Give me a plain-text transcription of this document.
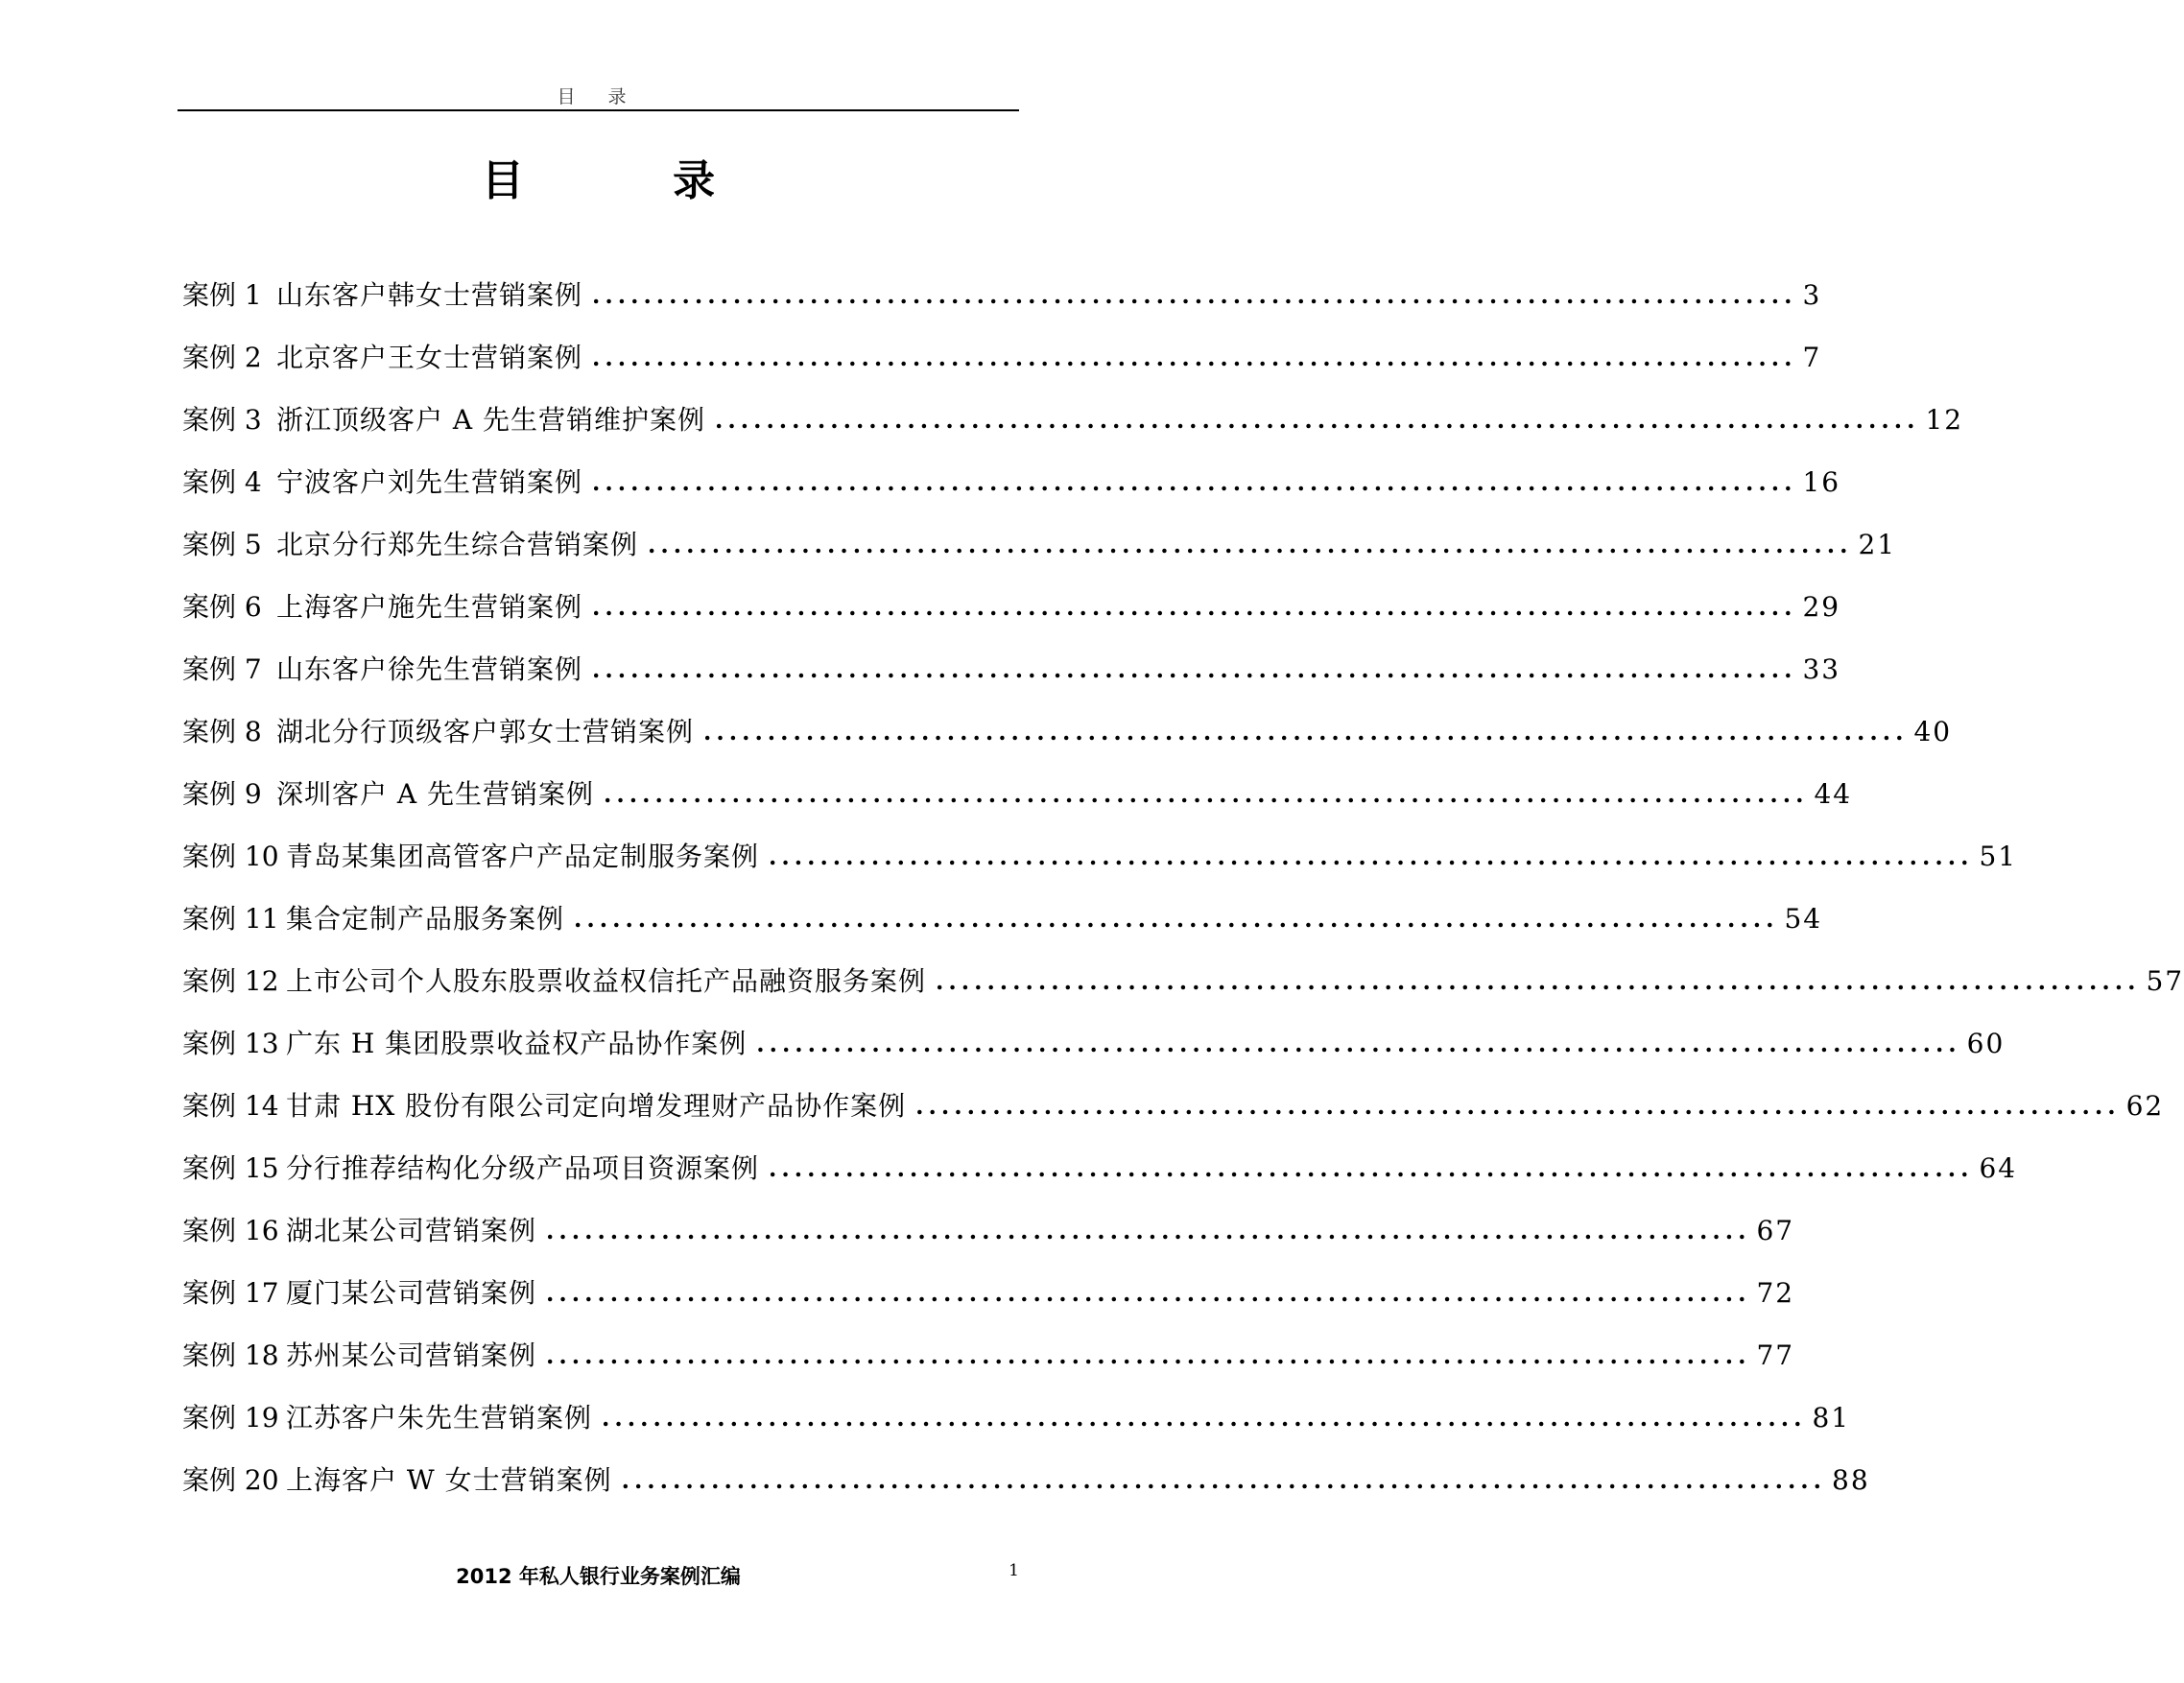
目 录
目 录
案例 1 山东客户韩女士营销案例 .............................................................................................. 3
案例 2 北京客户王女士营销案例 .............................................................................................. 7
案例 3 浙江顶级客户 A 先生营销维护案例 .............................................................................................. 12
案例 4 宁波客户刘先生营销案例 .............................................................................................. 16
案例 5 北京分行郑先生综合营销案例 .............................................................................................. 21
案例 6 上海客户施先生营销案例 .............................................................................................. 29
案例 7 山东客户徐先生营销案例 .............................................................................................. 33
案例 8 湖北分行顶级客户郭女士营销案例 .............................................................................................. 40
案例 9 深圳客户 A 先生营销案例 .............................................................................................. 44
案例 10 青岛某集团高管客户产品定制服务案例 .............................................................................................. 51
案例 11 集合定制产品服务案例 .............................................................................................. 54
案例 12 上市公司个人股东股票收益权信托产品融资服务案例 .............................................................................................. 57
案例 13 广东 H 集团股票收益权产品协作案例 .............................................................................................. 60
案例 14 甘肃 HX 股份有限公司定向增发理财产品协作案例 .............................................................................................. 62
案例 15 分行推荐结构化分级产品项目资源案例 .............................................................................................. 64
案例 16 湖北某公司营销案例 .............................................................................................. 67
案例 17 厦门某公司营销案例 .............................................................................................. 72
案例 18 苏州某公司营销案例 .............................................................................................. 77
案例 19 江苏客户朱先生营销案例 .............................................................................................. 81
案例 20 上海客户 W 女士营销案例 .............................................................................................. 88
2012 年私人银行业务案例汇编	1
